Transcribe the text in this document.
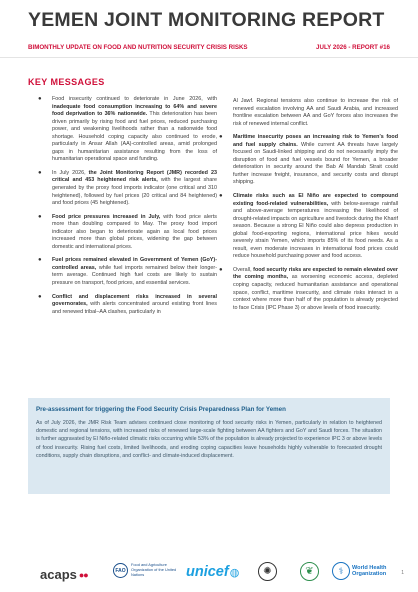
YEMEN JOINT MONITORING REPORT
BIMONTHLY UPDATE ON FOOD AND NUTRITION SECURITY CRISIS RISKS	JULY 2026 - REPORT #16
KEY MESSAGES
● Food insecurity continued to deteriorate in June 2026, with inadequate food consumption increasing to 64% and severe food deprivation to 36% nationwide. This deterioration has been driven primarily by rising food and fuel prices, reduced purchasing power, and weakening livelihoods rather than a nationwide food shortage. Household coping capacity also continued to erode, particularly in Ansar Allah (AA)-controlled areas, amid prolonged gaps in humanitarian assistance resulting from the loss of humanitarian operational space and funding.
● In July 2026, the Joint Monitoring Report (JMR) recorded 23 critical and 453 heightened risk alerts, with the largest share generated by the proxy food imports indicator (one critical and 310 heightened), followed by fuel prices (20 critical and 84 heightened) and food prices (45 heightened).
● Food price pressures increased in July, with food price alerts more than doubling compared to May. The proxy food import indicator also began to deteriorate again as local food prices increased more than global prices, widening the gap between domestic and international prices.
● Fuel prices remained elevated in Government of Yemen (GoY)-controlled areas, while fuel imports remained below their longer-term average. Continued high fuel costs are likely to sustain pressure on transport, food prices, and essential services.
● Conflict and displacement risks increased in several governorates, with alerts concentrated around existing front lines and renewed tribal–AA clashes, particularly in
Al Jawf. Regional tensions also continue to increase the risk of renewed escalation involving AA and Saudi Arabia, and increased frontline escalation between AA and GoY forces also increases the risk of renewed internal conflict.
● Maritime insecurity poses an increasing risk to Yemen's food and fuel supply chains. While current AA threats have largely focused on Saudi-linked shipping and do not necessarily imply the disruption of food and fuel vessels bound for Yemen, a broader deterioration in security around the Bab Al Mandab Strait could further increase freight, insurance, and security costs and disrupt shipping.
● Climate risks such as El Niño are expected to compound existing food-related vulnerabilities, with below-average rainfall and above-average temperatures increasing the likelihood of drought-related impacts on agriculture and livestock during the Kharif season. Because a strong El Niño could also depress production in global food-exporting regions, international price hikes would severely strain Yemen, which imports 85% of its food needs. As a result, even moderate increases in international food prices could reduce household purchasing power and food access.
● Overall, food security risks are expected to remain elevated over the coming months, as worsening economic access, depleted coping capacity, reduced humanitarian assistance and operational space, conflict, maritime insecurity, and climate risks interact in a context where more than half of the population is already projected to face Crisis (IPC Phase 3) or above levels of food insecurity.
Pre-assessment for triggering the Food Security Crisis Preparedness Plan for Yemen
As of July 2026, the JMR Risk Team advises continued close monitoring of food security risks in Yemen, particularly in relation to heightened domestic and regional tensions, with increased risks of renewed large-scale fighting between AA fighters and GoY and Saudi forces. The situation is further aggravated by El Niño-related climatic risks occurring while 53% of the population is already projected to experience IPC 3 or above levels of food insecurity. Rising fuel costs, limited livelihoods, and eroding coping capacities leave households highly vulnerable to forecasted drought conditions, supply chain disruptions, and conflict- and climate-induced displacement.
acaps ●●	FAO
Food and Agriculture Organization of the United Nations	unicef ◍	✺	❦	⚕	World Health
Organization	1
